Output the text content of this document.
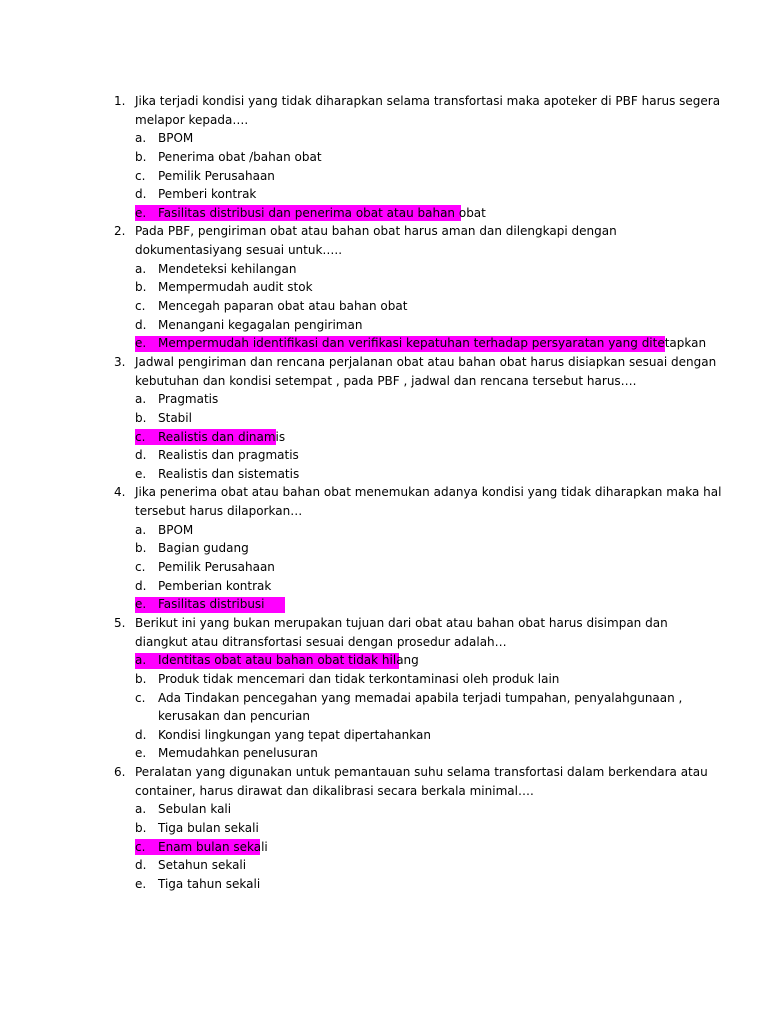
1. Jika terjadi kondisi yang tidak diharapkan selama transfortasi maka apoteker di PBF harus segera
melapor kepada….
a. BPOM
b. Penerima obat /bahan obat
c. Pemilik Perusahaan
d. Pemberi kontrak
e. Fasilitas distribusi dan penerima obat atau bahan obat
2. Pada PBF, pengiriman obat atau bahan obat harus aman dan dilengkapi dengan
dokumentasiyang sesuai untuk…..
a. Mendeteksi kehilangan
b. Mempermudah audit stok
c. Mencegah paparan obat atau bahan obat
d. Menangani kegagalan pengiriman
e. Mempermudah identifikasi dan verifikasi kepatuhan terhadap persyaratan yang ditetapkan
3. Jadwal pengiriman dan rencana perjalanan obat atau bahan obat harus disiapkan sesuai dengan
kebutuhan dan kondisi setempat , pada PBF , jadwal dan rencana tersebut harus….
a. Pragmatis
b. Stabil
c. Realistis dan dinamis
d. Realistis dan pragmatis
e. Realistis dan sistematis
4. Jika penerima obat atau bahan obat menemukan adanya kondisi yang tidak diharapkan maka hal
tersebut harus dilaporkan…
a. BPOM
b. Bagian gudang
c. Pemilik Perusahaan
d. Pemberian kontrak
e. Fasilitas distribusi
5. Berikut ini yang bukan merupakan tujuan dari obat atau bahan obat harus disimpan dan
diangkut atau ditransfortasi sesuai dengan prosedur adalah…
a. Identitas obat atau bahan obat tidak hilang
b. Produk tidak mencemari dan tidak terkontaminasi oleh produk lain
c. Ada Tindakan pencegahan yang memadai apabila terjadi tumpahan, penyalahgunaan ,
kerusakan dan pencurian
d. Kondisi lingkungan yang tepat dipertahankan
e. Memudahkan penelusuran
6. Peralatan yang digunakan untuk pemantauan suhu selama transfortasi dalam berkendara atau
container, harus dirawat dan dikalibrasi secara berkala minimal….
a. Sebulan kali
b. Tiga bulan sekali
c. Enam bulan sekali
d. Setahun sekali
e. Tiga tahun sekali
